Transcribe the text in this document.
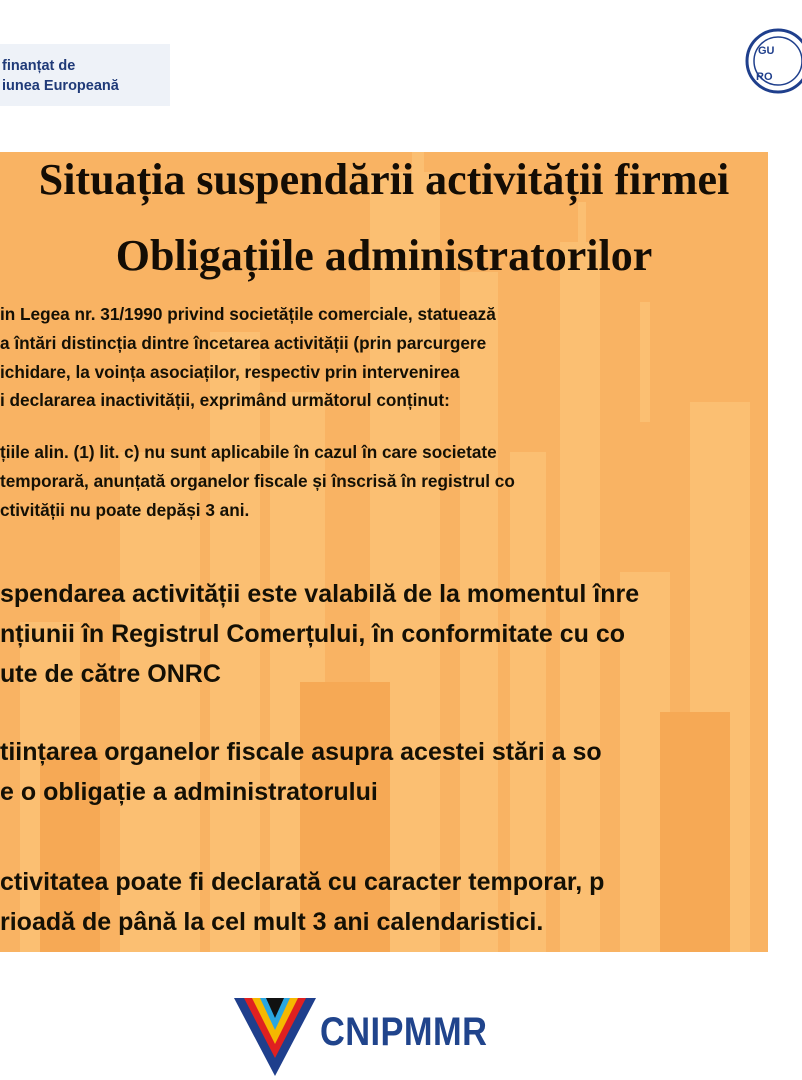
finanțat de
iunea Europeană
GU
RO
Situația suspendării activității firmei
Obligațiile administratorilor
in Legea nr. 31/1990 privind societățile comerciale, statuează
a întări distincția dintre încetarea activității (prin parcurgere
ichidare, la voința asociaților, respectiv prin intervenirea
i declararea inactivității, exprimând următorul conținut:
țiile alin. (1) lit. c) nu sunt aplicabile în cazul în care societate
temporară, anunțată organelor fiscale și înscrisă în registrul co
ctivității nu poate depăși 3 ani.
spendarea activității este valabilă de la momentul înre
nțiunii în Registrul Comerțului, în conformitate cu co
ute de către ONRC
tiințarea organelor fiscale asupra acestei stări a so
e o obligație a administratorului
ctivitatea poate fi declarată cu caracter temporar, p
rioadă de până la cel mult 3 ani calendaristici.
CNIPMMR
